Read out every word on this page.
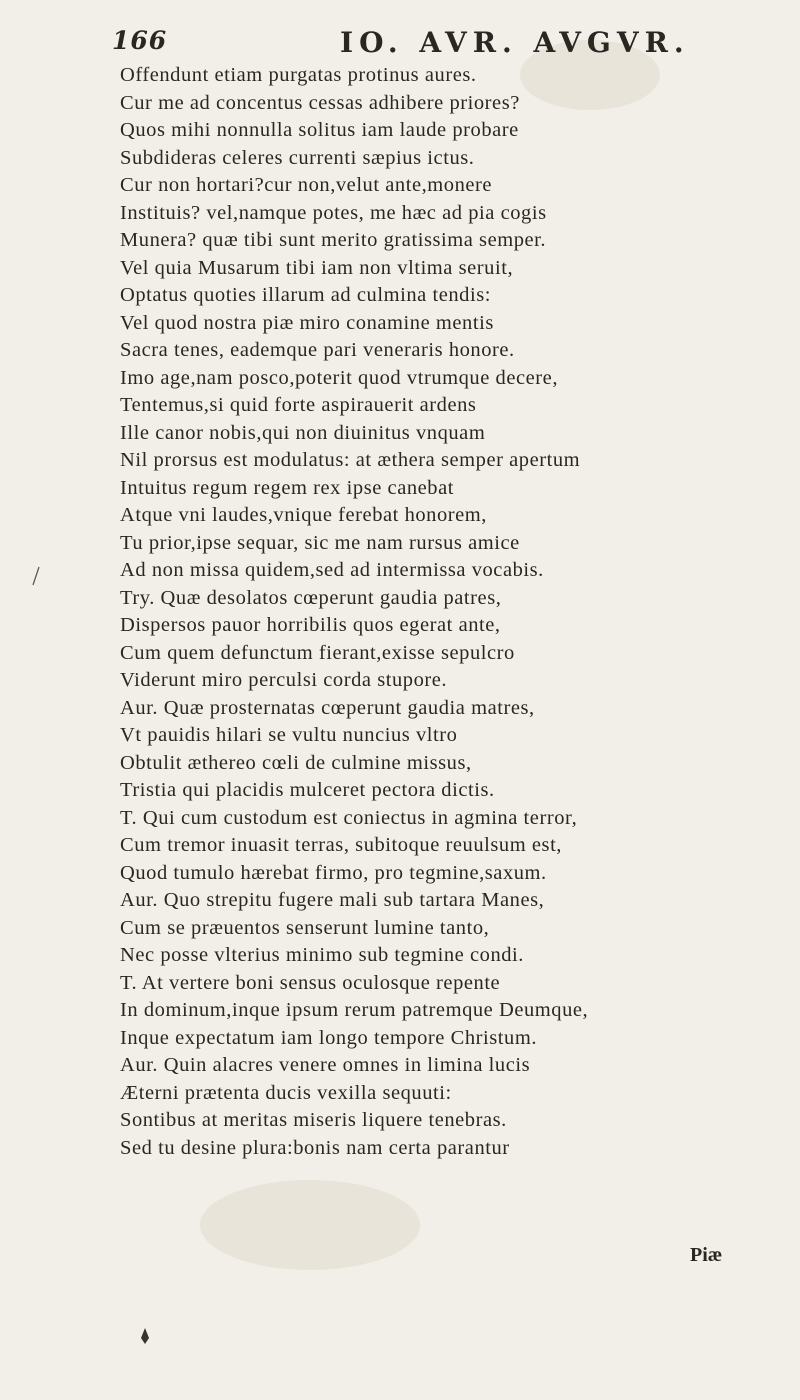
166	IO. AVR. AVGVR.
Offendunt etiam purgatas protinus aures.
Cur me ad concentus cessas adhibere priores?
Quos mihi nonnulla solitus iam laude probare
Subdideras celeres currenti sæpius ictus.
Cur non hortari?cur non,velut ante,monere
Instituis? vel,namque potes, me hæc ad pia cogis
Munera? quæ tibi sunt merito gratissima semper.
Vel quia Musarum tibi iam non vltima seruit,
Optatus quoties illarum ad culmina tendis:
Vel quod nostra piæ miro conamine mentis
Sacra tenes, eademque pari veneraris honore.
Imo age,nam posco,poterit quod vtrumque decere,
Tentemus,si quid forte aspirauerit ardens
Ille canor nobis,qui non diuinitus vnquam
Nil prorsus est modulatus: at æthera semper apertum
Intuitus regum regem rex ipse canebat
Atque vni laudes,vnique ferebat honorem,
Tu prior,ipse sequar, sic me nam rursus amice
Ad non missa quidem,sed ad intermissa vocabis.
Try. Quæ desolatos cœperunt gaudia patres,
Dispersos pauor horribilis quos egerat ante,
Cum quem defunctum fierant,exisse sepulcro
Viderunt miro perculsi corda stupore.
Aur. Quæ prosternatas cœperunt gaudia matres,
Vt pauidis hilari se vultu nuncius vltro
Obtulit æthereo cœli de culmine missus,
Tristia qui placidis mulceret pectora dictis.
T. Qui cum custodum est coniectus in agmina terror,
Cum tremor inuasit terras, subitoque reuulsum est,
Quod tumulo hærebat firmo, pro tegmine,saxum.
Aur. Quo strepitu fugere mali sub tartara Manes,
Cum se præuentos senserunt lumine tanto,
Nec posse vlterius minimo sub tegmine condi.
T. At vertere boni sensus oculosque repente
In dominum,inque ipsum rerum patremque Deumque,
Inque expectatum iam longo tempore Christum.
Aur. Quin alacres venere omnes in limina lucis
Æterni prætenta ducis vexilla sequuti:
Sontibus at meritas miseris liquere tenebras.
Sed tu desine plura:bonis nam certa parantur
Piæ
